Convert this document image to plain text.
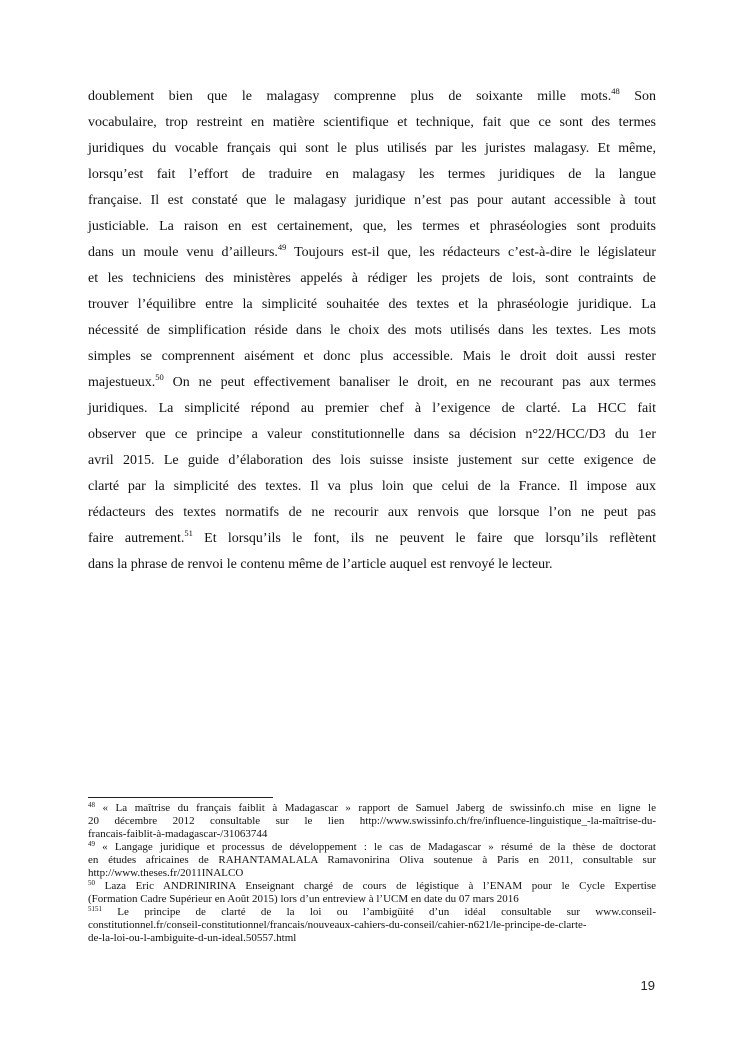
doublement bien que le malagasy comprenne plus de soixante mille mots.$^{48}$ Son
vocabulaire, trop restreint en matière scientifique et technique, fait que ce sont des termes
juridiques du vocable français qui sont le plus utilisés par les juristes malagasy. Et même,
lorsqu’est fait l’effort de traduire en malagasy les termes juridiques de la langue
française. Il est constaté que le malagasy juridique n’est pas pour autant accessible à tout
justiciable. La raison en est certainement, que, les termes et phraséologies sont produits
dans un moule venu d’ailleurs.$^{49}$ Toujours est-il que, les rédacteurs c’est-à-dire le législateur
et les techniciens des ministères appelés à rédiger les projets de lois, sont contraints de
trouver l’équilibre entre la simplicité souhaitée des textes et la phraséologie juridique. La
nécessité de simplification réside dans le choix des mots utilisés dans les textes. Les mots
simples se comprennent aisément et donc plus accessible. Mais le droit doit aussi rester
majestueux.$^{50}$ On ne peut effectivement banaliser le droit, en ne recourant pas aux termes
juridiques. La simplicité répond au premier chef à l’exigence de clarté. La HCC fait
observer que ce principe a valeur constitutionnelle dans sa décision n°22/HCC/D3 du 1er
avril 2015. Le guide d’élaboration des lois suisse insiste justement sur cette exigence de
clarté par la simplicité des textes. Il va plus loin que celui de la France. Il impose aux
rédacteurs des textes normatifs de ne recourir aux renvois que lorsque l’on ne peut pas
faire autrement.$^{51}$ Et lorsqu’ils le font, ils ne peuvent le faire que lorsqu’ils reflètent
dans la phrase de renvoi le contenu même de l’article auquel est renvoyé le lecteur.
$^{48}$ « La maîtrise du français faiblit à Madagascar » rapport de Samuel Jaberg de swissinfo.ch mise en ligne le
20 décembre 2012 consultable sur le lien http://www.swissinfo.ch/fre/influence-linguistique_-la-maîtrise-du-
francais-faiblit-à-madagascar-/31063744
$^{49}$ « Langage juridique et processus de développement : le cas de Madagascar » résumé de la thèse de doctorat
en études africaines de RAHANTAMALALA Ramavonirina Oliva soutenue à Paris en 2011, consultable sur
http://www.theses.fr/2011INALCO
$^{50}$ Laza Eric ANDRINIRINA Enseignant chargé de cours de légistique à l’ENAM pour le Cycle Expertise
(Formation Cadre Supérieur en Août 2015) lors d’un entreview à l’UCM en date du 07 mars 2016
$^{5151}$ Le principe de clarté de la loi ou l’ambigüité d’un idéal consultable sur www.conseil-
constitutionnel.fr/conseil-constitutionnel/francais/nouveaux-cahiers-du-conseil/cahier-n621/le-principe-de-clarte-
de-la-loi-ou-l-ambiguite-d-un-ideal.50557.html
19
